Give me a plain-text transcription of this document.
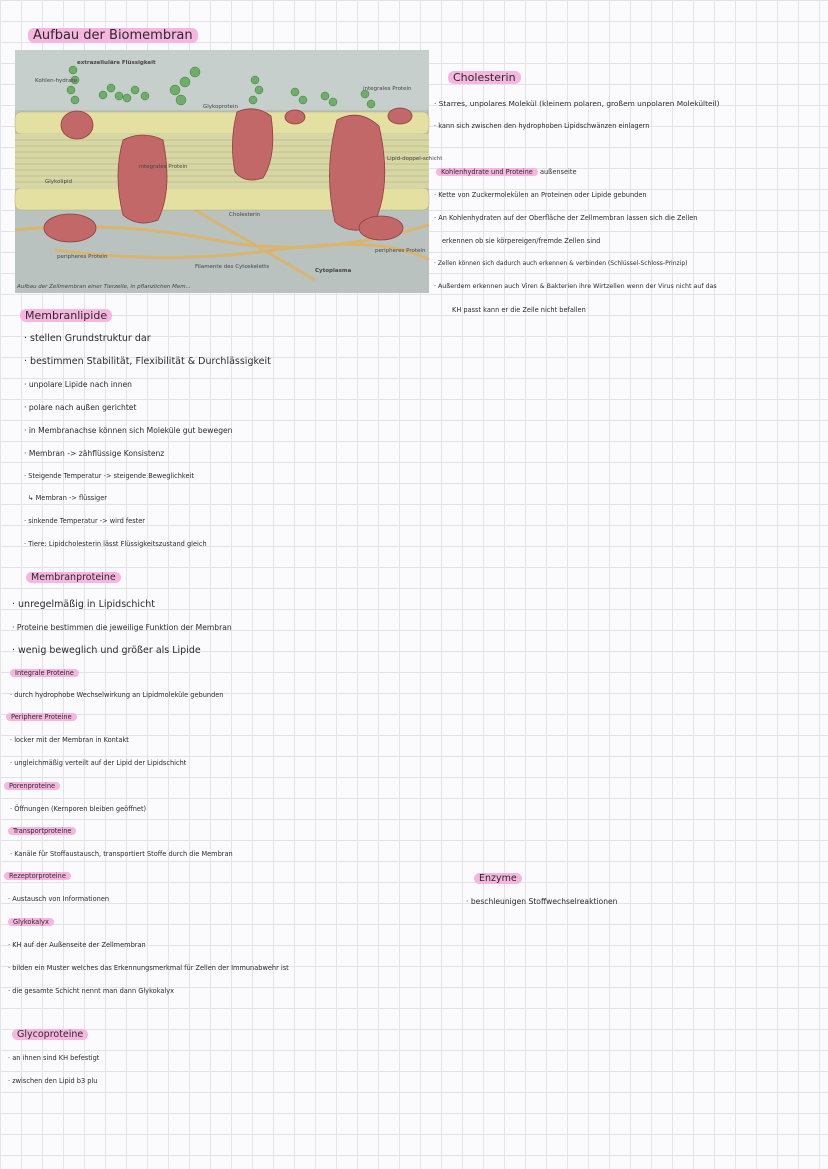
Aufbau der Biomembran
extrazelluläre Flüssigkeit
Kohlen-hydrate
Glykoprotein
integrales Protein
integrales Protein
Glykolipid
Lipid-doppel-schicht
Cholesterin
peripheres Protein
peripheres Protein
Filamente des Cytoskeletts
Cytoplasma
Aufbau der Zellmembran einer Tierzelle, in pflanzlichen Mem...
Membranlipide
· stellen Grundstruktur dar
· bestimmen Stabilität, Flexibilität & Durchlässigkeit
· unpolare Lipide nach innen
· polare nach außen gerichtet
· in Membranachse können sich Moleküle gut bewegen
· Membran -> zähflüssige Konsistenz
· Steigende Temperatur -> steigende Beweglichkeit
↳ Membran -> flüssiger
· sinkende Temperatur -> wird fester
· Tiere: Lipidcholesterin lässt Flüssigkeitszustand gleich
Membranproteine
· unregelmäßig in Lipidschicht
· Proteine bestimmen die jeweilige Funktion der Membran
· wenig beweglich und größer als Lipide
Integrale Proteine
· durch hydrophobe Wechselwirkung an Lipidmoleküle gebunden
Periphere Proteine
· locker mit der Membran in Kontakt
· ungleichmäßig verteilt auf der Lipid der Lipidschicht
Porenproteine
· Öffnungen (Kernporen bleiben geöffnet)
Transportproteine
· Kanäle für Stoffaustausch, transportiert Stoffe durch die Membran
Rezeptorproteine
· Austausch von Informationen
Glykokalyx
· KH auf der Außenseite der Zellmembran
· bilden ein Muster welches das Erkennungsmerkmal für Zellen der Immunabwehr ist
· die gesamte Schicht nennt man dann Glykokalyx
Glycoproteine
· an ihnen sind KH befestigt
· zwischen den Lipid b3 plu
Cholesterin
· Starres, unpolares Molekül (kleinem polaren, großem unpolaren Molekülteil)
· kann sich zwischen den hydrophoben Lipidschwänzen einlagern
Kohlenhydrate und Proteine außenseite
· Kette von Zuckermolekülen an Proteinen oder Lipide gebunden
· An Kohlenhydraten auf der Oberfläche der Zellmembran lassen sich die Zellen
erkennen ob sie körpereigen/fremde Zellen sind
· Zellen können sich dadurch auch erkennen & verbinden (Schlüssel-Schloss-Prinzip)
· Außerdem erkennen auch Viren & Bakterien ihre Wirtzellen wenn der Virus nicht auf das
KH passt kann er die Zelle nicht befallen
Enzyme
· beschleunigen Stoffwechselreaktionen
